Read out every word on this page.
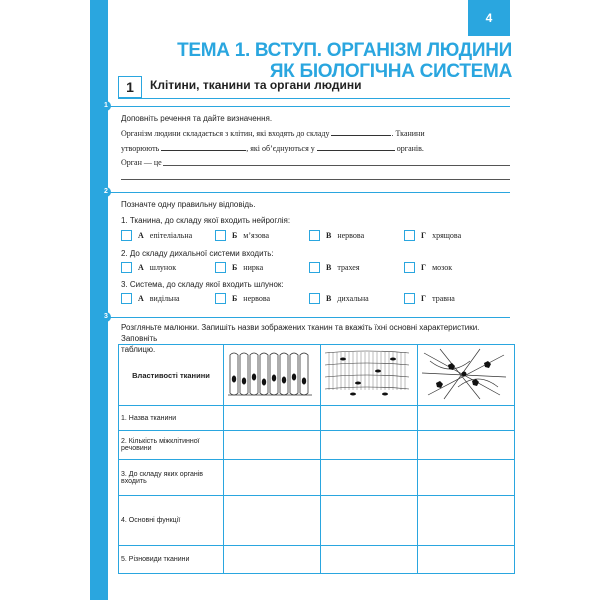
4
ТЕМА 1. ВСТУП. ОРГАНІЗМ ЛЮДИНИ
ЯК БІОЛОГІЧНА СИСТЕМА
1	Клітини, тканини та органи людини
1
Доповніть речення та дайте визначення.
Організм людини складається з клітин, які входять до складу	. Тканини
утворюють	, які об’єднуються у	органів.
Орган — це
2
Позначте одну правильну відповідь.
1. Тканина, до складу якої входить нейроглія:
А епітеліальна	Б м’язова	В нервова	Г хрящова
2. До складу дихальної системи входить:
А шлунок	Б нирка	В трахея	Г мозок
3. Система, до складу якої входить шлунок:
А видільна	Б нервова	В дихальна	Г травна
3
Розгляньте малюнки. Запишіть назви зображених тканин та вкажіть їхні основні характеристики. Заповніть
таблицю.
Властивості тканини			
1. Назва тканини			
2. Кількість міжклітинної речовини			
3. До складу яких органів входить			
4. Основні функції			
5. Різновиди тканини			
